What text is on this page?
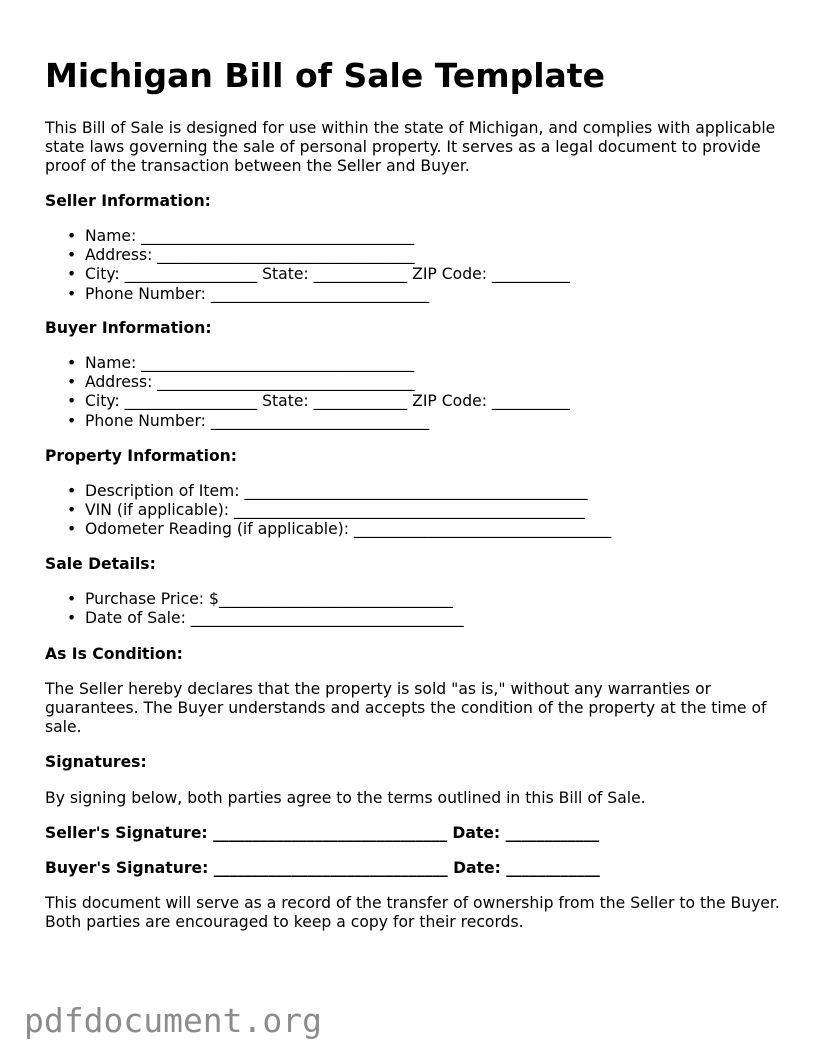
Michigan Bill of Sale Template

This Bill of Sale is designed for use within the state of Michigan, and complies with applicable state laws governing the sale of personal property. It serves as a legal document to provide proof of the transaction between the Seller and Buyer.

Seller Information:

• Name: ___________________________________
• Address: _________________________________
• City: _________________ State: ____________ ZIP Code: __________
• Phone Number: ____________________________

Buyer Information:

• Name: ___________________________________
• Address: _________________________________
• City: _________________ State: ____________ ZIP Code: __________
• Phone Number: ____________________________

Property Information:

• Description of Item: ____________________________________________
• VIN (if applicable): _____________________________________________
• Odometer Reading (if applicable): _________________________________

Sale Details:

• Purchase Price: $______________________________
• Date of Sale: ___________________________________

As Is Condition:

The Seller hereby declares that the property is sold "as is," without any warranties or guarantees. The Buyer understands and accepts the condition of the property at the time of sale.

Signatures:

By signing below, both parties agree to the terms outlined in this Bill of Sale.

Seller's Signature: ______________________________ Date: ____________

Buyer's Signature: ______________________________ Date: ____________

This document will serve as a record of the transfer of ownership from the Seller to the Buyer. Both parties are encouraged to keep a copy for their records.

pdfdocument.org
